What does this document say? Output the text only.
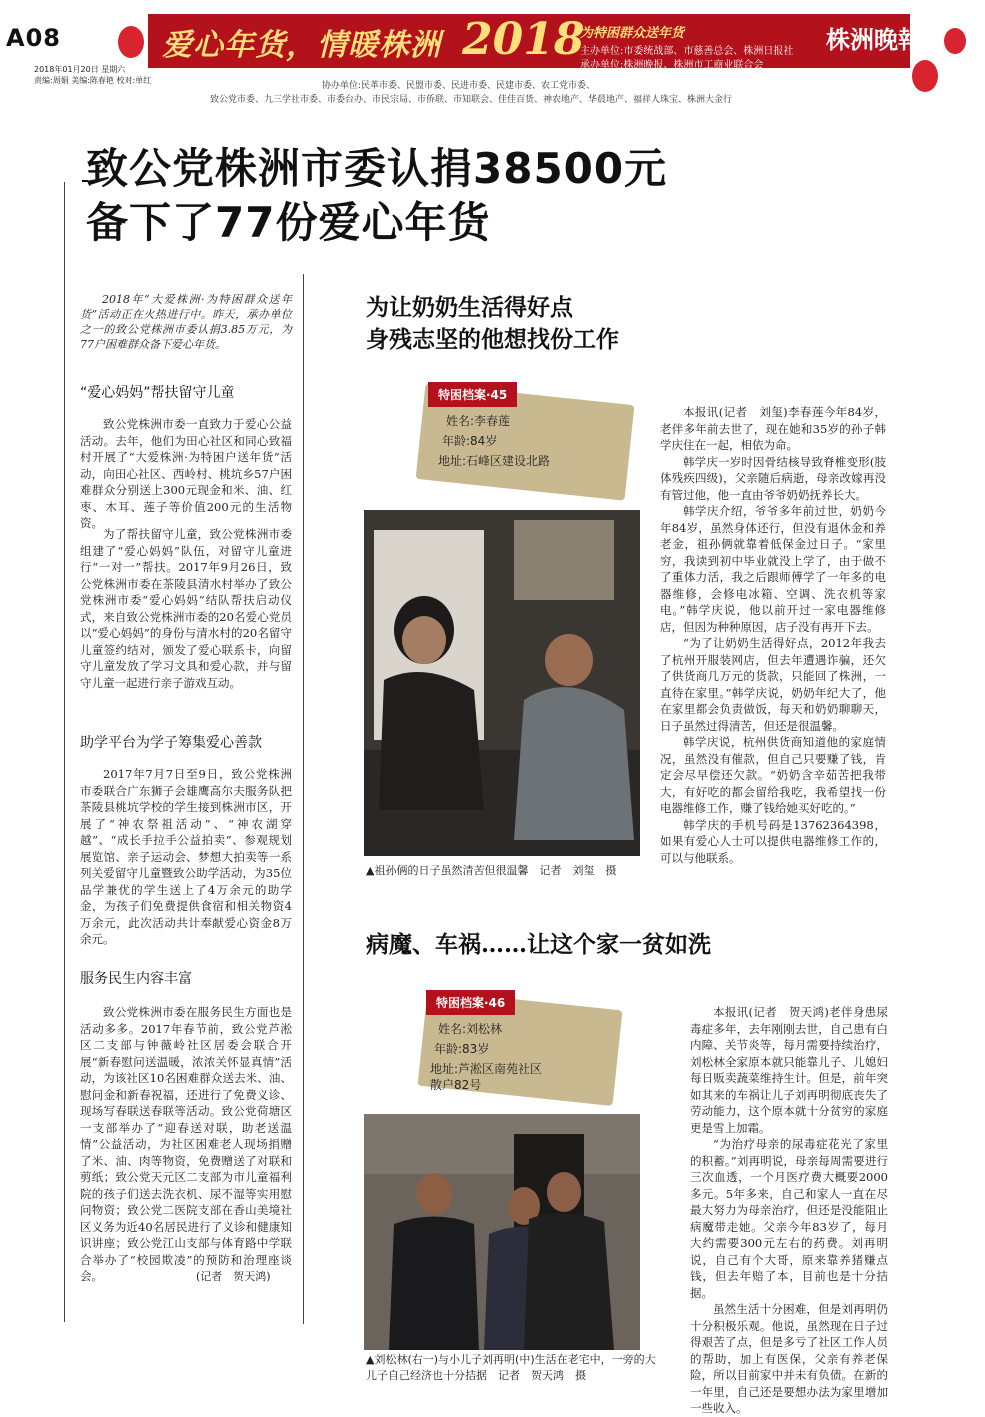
A08
2018年01月20日 星期六
责编:周娟 美编:陈春艳 校对:单红
爱心年货，情暖株洲 2018
为特困群众送年货
主办单位:市委统战部、市慈善总会、株洲日报社
承办单位:株洲晚报、株洲市工商业联合会
株洲晚報
协办单位:民革市委、民盟市委、民进市委、民建市委、农工党市委、
致公党市委、九三学社市委、市委台办、市民宗局、市侨联、市知联会、佳佳百货、神农地产、华晨地产、福祥人珠宝、株洲大金行
致公党株洲市委认捐38500元
备下了77份爱心年货

2018年“大爱株洲·为特困群众送年货”活动正在火热进行中。昨天，承办单位之一的致公党株洲市委认捐3.85万元，为77户困难群众备下爱心年货。

“爱心妈妈”帮扶留守儿童

致公党株洲市委一直致力于爱心公益活动。去年，他们为田心社区和同心致福村开展了“大爱株洲·为特困户送年货”活动，向田心社区、西岭村、桃坑乡57户困难群众分别送上300元现金和米、油、红枣、木耳、莲子等价值200元的生活物资。

为了帮扶留守儿童，致公党株洲市委组建了“爱心妈妈”队伍，对留守儿童进行“一对一”帮扶。2017年9月26日，致公党株洲市委在茶陵县清水村举办了致公党株洲市委“爱心妈妈”结队帮扶启动仪式，来自致公党株洲市委的20名爱心党员以“爱心妈妈”的身份与清水村的20名留守儿童签约结对，颁发了爱心联系卡，向留守儿童发放了学习文具和爱心款，并与留守儿童一起进行亲子游戏互动。

助学平台为学子筹集爱心善款

2017年7月7日至9日，致公党株洲市委联合广东狮子会雄鹰高尔夫服务队把茶陵县桃坑学校的学生接到株洲市区，开展了“神农祭祖活动”、“神农湖穿越”、“成长手拉手公益拍卖”、参观规划展览馆、亲子运动会、梦想大拍卖等一系列关爱留守儿童暨致公助学活动，为35位品学兼优的学生送上了4万余元的助学金，为孩子们免费提供食宿和相关物资4万余元，此次活动共计奉献爱心资金8万余元。

服务民生内容丰富

致公党株洲市委在服务民生方面也是活动多多。2017年春节前，致公党芦淞区二支部与钟薇岭社区居委会联合开展“新春慰问送温暖，浓浓关怀显真情”活动，为该社区10名困难群众送去米、油、慰问金和新春祝福，还进行了免费义诊、现场写春联送春联等活动。致公党荷塘区一支部举办了“迎春送对联，助老送温情”公益活动，为社区困难老人现场捐赠了米、油、肉等物资，免费赠送了对联和剪纸；致公党天元区二支部为市儿童福利院的孩子们送去洗衣机、尿不湿等实用慰问物资；致公党二医院支部在香山美境社区义务为近40名居民进行了义诊和健康知识讲座；致公党江山支部与体育路中学联合举办了“校园欺凌”的预防和治理座谈会。	(记者　贺天鸿)
为让奶奶生活得好点
身残志坚的他想找份工作
特困档案·45
姓名:李春莲
年龄:84岁
地址:石峰区建设北路
▲祖孙俩的日子虽然清苦但很温馨　记者　刘玺　摄

本报讯(记者　刘玺)李春莲今年84岁，老伴多年前去世了，现在她和35岁的孙子韩学庆住在一起，相依为命。

韩学庆一岁时因骨结核导致脊椎变形(肢体残疾四级)，父亲随后病逝，母亲改嫁再没有管过他，他一直由爷爷奶奶抚养长大。

韩学庆介绍，爷爷多年前过世，奶奶今年84岁，虽然身体还行，但没有退休金和养老金，祖孙俩就靠着低保金过日子。“家里穷，我读到初中毕业就没上学了，由于做不了重体力活，我之后跟师傅学了一年多的电器维修，会修电冰箱、空调、洗衣机等家电。”韩学庆说，他以前开过一家电器维修店，但因为种种原因，店子没有再开下去。

“为了让奶奶生活得好点，2012年我去了杭州开服装网店，但去年遭遇诈骗，还欠了供货商几万元的货款，只能回了株洲，一直待在家里。”韩学庆说，奶奶年纪大了，他在家里都会负责做饭，每天和奶奶聊聊天，日子虽然过得清苦，但还是很温馨。

韩学庆说，杭州供货商知道他的家庭情况，虽然没有催款，但自己只要赚了钱，肯定会尽早偿还欠款。“奶奶含辛茹苦把我带大，有好吃的都会留给我吃，我希望找一份电器维修工作，赚了钱给她买好吃的。”

韩学庆的手机号码是13762364398，如果有爱心人士可以提供电器维修工作的，可以与他联系。

病魔、车祸……让这个家一贫如洗
特困档案·46
姓名:刘松林
年龄:83岁
地址:芦淞区南苑社区
散户82号
▲刘松林(右一)与小儿子刘再明(中)生活在老宅中，一旁的大儿子自己经济也十分拮据　记者　贺天鸿　摄

本报讯(记者　贺天鸿)老伴身患尿毒症多年，去年刚刚去世，自己患有白内障、关节炎等，每月需要持续治疗，刘松林全家原本就只能靠儿子、儿媳妇每日贩卖蔬菜维持生计。但是，前年突如其来的车祸让儿子刘再明彻底丧失了劳动能力，这个原本就十分贫穷的家庭更是雪上加霜。

“为治疗母亲的尿毒症花光了家里的积蓄。”刘再明说，母亲每周需要进行三次血透，一个月医疗费大概要2000多元。5年多来，自己和家人一直在尽最大努力为母亲治疗，但还是没能阻止病魔带走她。父亲今年83岁了，每月大约需要300元左右的药费。刘再明说，自己有个大哥，原来靠养猪赚点钱，但去年赔了本，目前也是十分拮据。

虽然生活十分困难，但是刘再明仍十分积极乐观。他说，虽然现在日子过得艰苦了点，但是多亏了社区工作人员的帮助，加上有医保，父亲有养老保险，所以目前家中并未有负债。在新的一年里，自己还是要想办法为家里增加一些收入。
